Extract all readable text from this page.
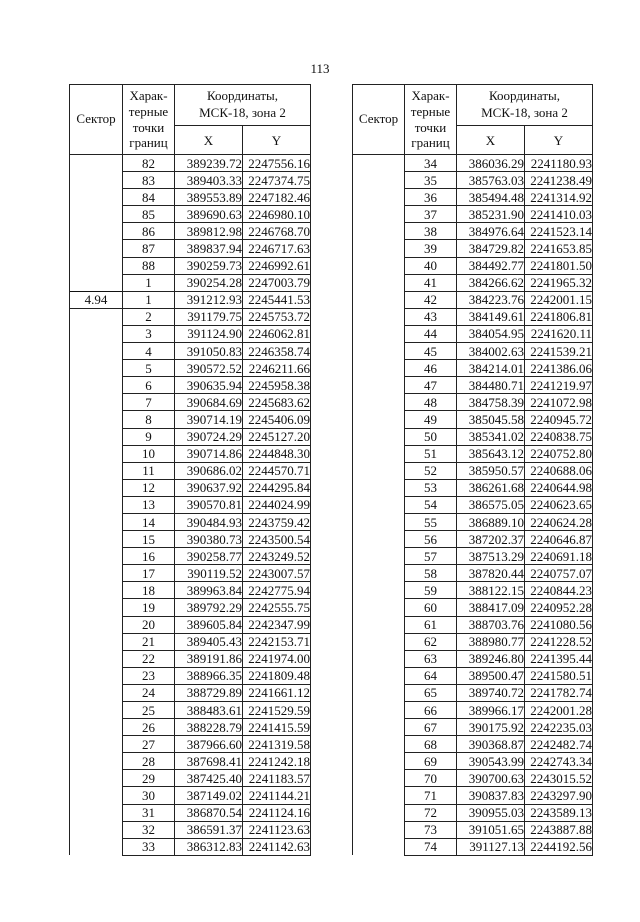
113
Сектор	Харак-
терные
точки
границ	Координаты,
МСК-18, зона 2	
		X	Y
	82	389239.72	2247556.16
	83	389403.33	2247374.75
	84	389553.89	2247182.46
	85	389690.63	2246980.10
	86	389812.98	2246768.70
	87	389837.94	2246717.63
	88	390259.73	2246992.61
	1	390254.28	2247003.79
4.94	1	391212.93	2245441.53
	2	391179.75	2245753.72
	3	391124.90	2246062.81
	4	391050.83	2246358.74
	5	390572.52	2246211.66
	6	390635.94	2245958.38
	7	390684.69	2245683.62
	8	390714.19	2245406.09
	9	390724.29	2245127.20
	10	390714.86	2244848.30
	11	390686.02	2244570.71
	12	390637.92	2244295.84
	13	390570.81	2244024.99
	14	390484.93	2243759.42
	15	390380.73	2243500.54
	16	390258.77	2243249.52
	17	390119.52	2243007.57
	18	389963.84	2242775.94
	19	389792.29	2242555.75
	20	389605.84	2242347.99
	21	389405.43	2242153.71
	22	389191.86	2241974.00
	23	388966.35	2241809.48
	24	388729.89	2241661.12
	25	388483.61	2241529.59
	26	388228.79	2241415.59
	27	387966.60	2241319.58
	28	387698.41	2241242.18
	29	387425.40	2241183.57
	30	387149.02	2241144.21
	31	386870.54	2241124.16
	32	386591.37	2241123.63
	33	386312.83	2241142.63
Сектор	Харак-
терные
точки
границ	Координаты,
МСК-18, зона 2	
		X	Y
	34	386036.29	2241180.93
	35	385763.03	2241238.49
	36	385494.48	2241314.92
	37	385231.90	2241410.03
	38	384976.64	2241523.14
	39	384729.82	2241653.85
	40	384492.77	2241801.50
	41	384266.62	2241965.32
	42	384223.76	2242001.15
	43	384149.61	2241806.81
	44	384054.95	2241620.11
	45	384002.63	2241539.21
	46	384214.01	2241386.06
	47	384480.71	2241219.97
	48	384758.39	2241072.98
	49	385045.58	2240945.72
	50	385341.02	2240838.75
	51	385643.12	2240752.80
	52	385950.57	2240688.06
	53	386261.68	2240644.98
	54	386575.05	2240623.65
	55	386889.10	2240624.28
	56	387202.37	2240646.87
	57	387513.29	2240691.18
	58	387820.44	2240757.07
	59	388122.15	2240844.23
	60	388417.09	2240952.28
	61	388703.76	2241080.56
	62	388980.77	2241228.52
	63	389246.80	2241395.44
	64	389500.47	2241580.51
	65	389740.72	2241782.74
	66	389966.17	2242001.28
	67	390175.92	2242235.03
	68	390368.87	2242482.74
	69	390543.99	2242743.34
	70	390700.63	2243015.52
	71	390837.83	2243297.90
	72	390955.03	2243589.13
	73	391051.65	2243887.88
	74	391127.13	2244192.56
